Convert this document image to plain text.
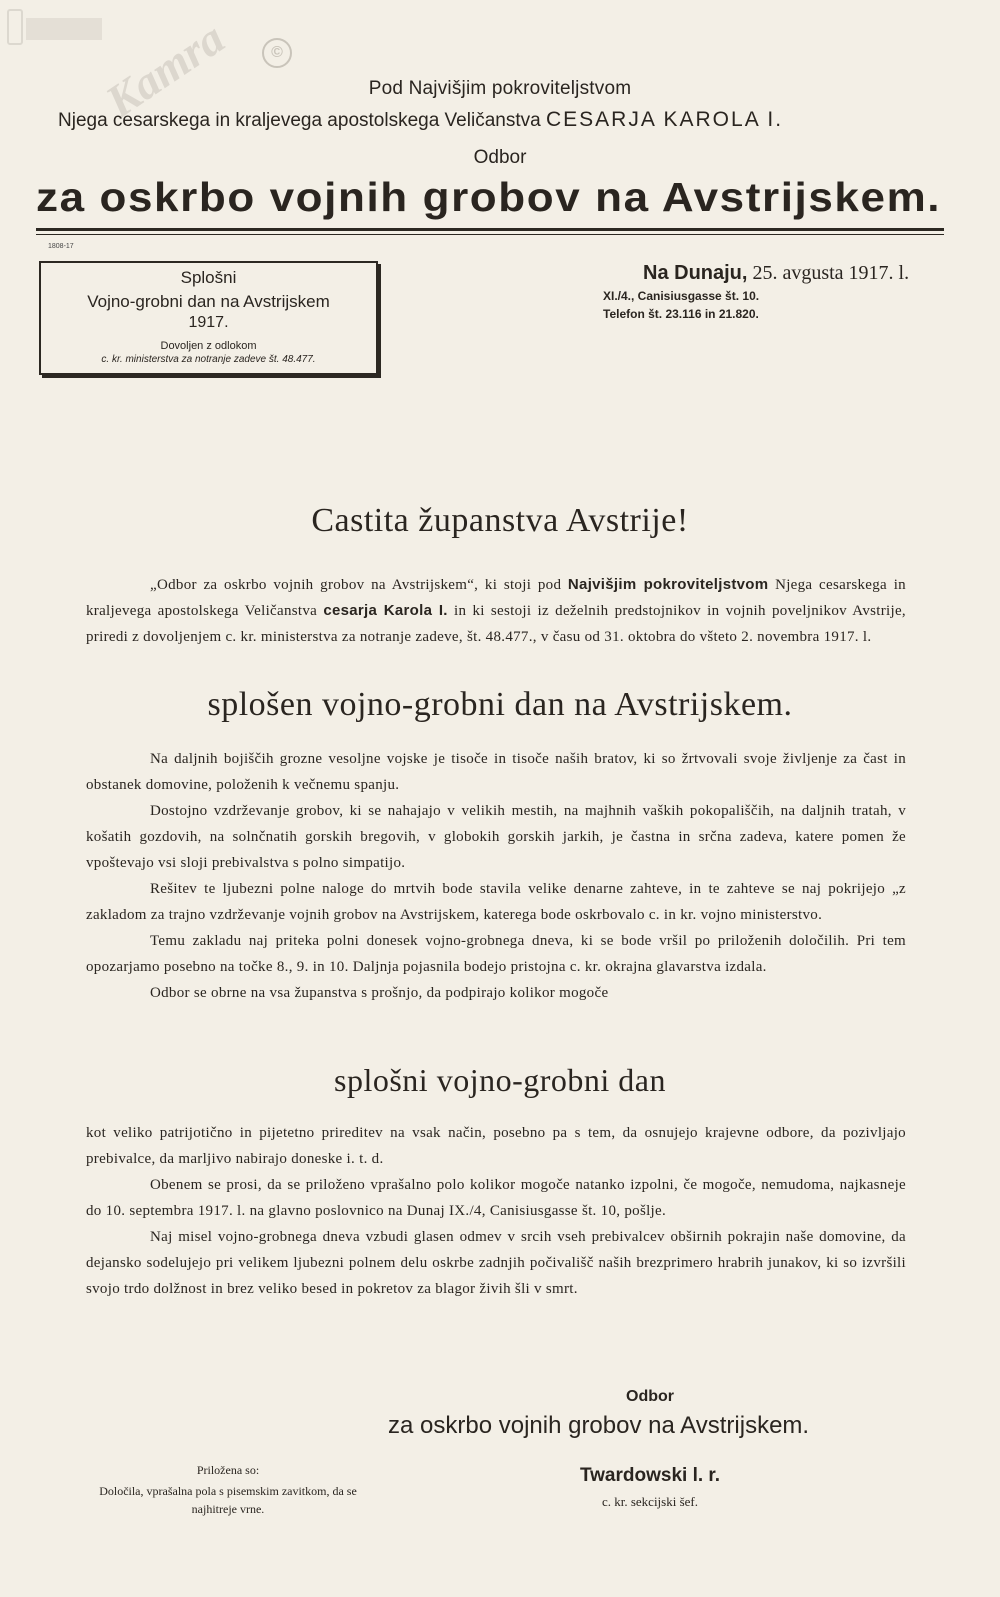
©
Kamra	Pod Najvišjim pokroviteljstvom
Njega cesarskega in kraljevega apostolskega Veličanstva CESARJA KAROLA I.
Odbor
za oskrbo vojnih grobov na Avstrijskem.
1808-17
Splošni
Vojno-grobni dan na Avstrijskem
1917.
Dovoljen z odlokom
c. kr. ministerstva za notranje zadeve št. 48.477.
Na Dunaju, 25. avgusta 1917. l.
XI./4., Canisiusgasse št. 10.
Telefon št. 23.116 in 21.820.
Castita županstva Avstrije!
„Odbor za oskrbo vojnih grobov na Avstrijskem“, ki stoji pod Najvišjim pokroviteljstvom Njega cesarskega in kraljevega apostolskega Veličanstva cesarja Karola I. in ki sestoji iz deželnih predstojnikov in vojnih poveljnikov Avstrije, priredi z dovoljenjem c. kr. ministerstva za notranje zadeve, št. 48.477., v času od 31. oktobra do všteto 2. novembra 1917. l.
splošen vojno-grobni dan na Avstrijskem.
Na daljnih bojiščih grozne vesoljne vojske je tisoče in tisoče naših bratov, ki so žrtvovali svoje življenje za čast in obstanek domovine, položenih k večnemu spanju.
Dostojno vzdrževanje grobov, ki se nahajajo v velikih mestih, na majhnih vaških pokopališčih, na daljnih tratah, v košatih gozdovih, na solnčnatih gorskih bregovih, v globokih gorskih jarkih, je častna in srčna zadeva, katere pomen že vpoštevajo vsi sloji prebivalstva s polno simpatijo.
Rešitev te ljubezni polne naloge do mrtvih bode stavila velike denarne zahteve, in te zahteve se naj pokrijejo „z zakladom za trajno vzdrževanje vojnih grobov na Avstrijskem, katerega bode oskrbovalo c. in kr. vojno ministerstvo.
Temu zakladu naj priteka polni donesek vojno-grobnega dneva, ki se bode vršil po priloženih določilih. Pri tem opozarjamo posebno na točke 8., 9. in 10. Daljnja pojasnila bodejo pristojna c. kr. okrajna glavarstva izdala.
Odbor se obrne na vsa županstva s prošnjo, da podpirajo kolikor mogoče
splošni vojno-grobni dan
kot veliko patrijotično in pijetetno prireditev na vsak način, posebno pa s tem, da osnujejo krajevne odbore, da pozivljajo prebivalce, da marljivo nabirajo doneske i. t. d.
Obenem se prosi, da se priloženo vprašalno polo kolikor mogoče natanko izpolni, če mogoče, nemudoma, najkasneje do 10. septembra 1917. l. na glavno poslovnico na Dunaj IX./4, Canisiusgasse št. 10, pošlje.
Naj misel vojno-grobnega dneva vzbudi glasen odmev v srcih vseh prebivalcev obširnih pokrajin naše domovine, da dejansko sodelujejo pri velikem ljubezni polnem delu oskrbe zadnjih počivališč naših brezprimero hrabrih junakov, ki so izvršili svojo trdo dolžnost in brez veliko besed in pokretov za blagor živih šli v smrt.
Odbor
za oskrbo vojnih grobov na Avstrijskem.
Twardowski l. r.
c. kr. sekcijski šef.
Priložena so:
Določila, vprašalna pola s pisemskim zavitkom, da se najhitreje vrne.
